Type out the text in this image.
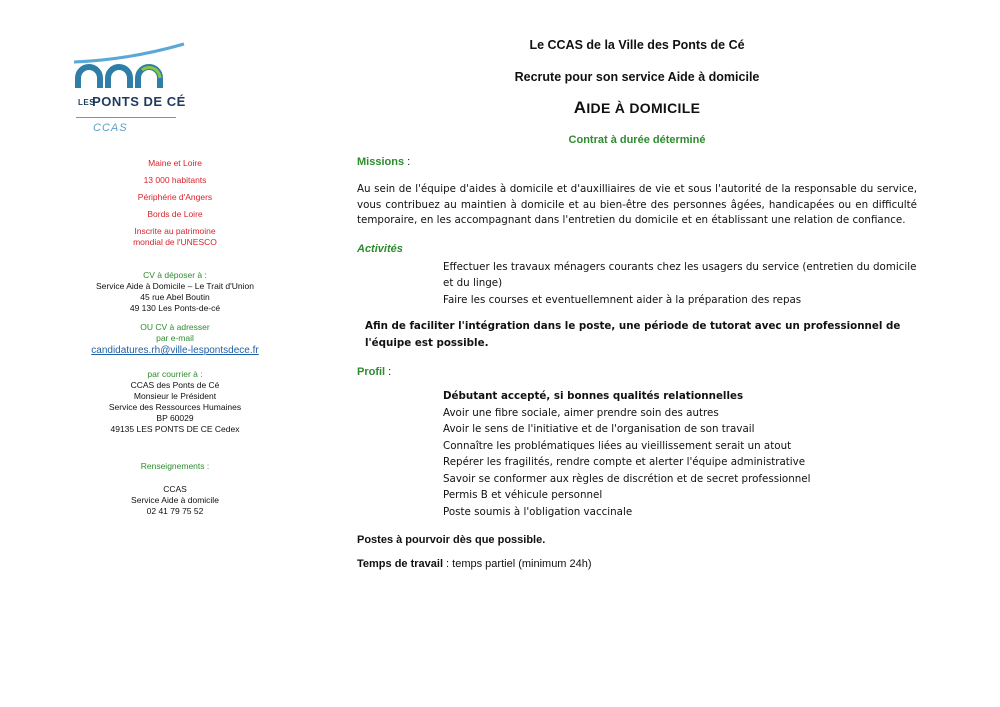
LES PONTS DE CÉ
CCAS
Maine et Loire
13 000 habitants
Périphérie d'Angers
Bords de Loire
Inscrite au patrimoine
mondial de l'UNESCO
CV à déposer à :
Service Aide à Domicile – Le Trait d'Union
45 rue Abel Boutin
49 130 Les Ponts-de-cé
OU CV à adresser
par e-mail
candidatures.rh@ville-lespontsdece.fr
par courrier à :
CCAS des Ponts de Cé
Monsieur le Président
Service des Ressources Humaines
BP 60029
49135 LES PONTS DE CE Cedex
Renseignements :
CCAS
Service Aide à domicile
02 41 79 75 52
Le CCAS de la Ville des Ponts de Cé
Recrute pour son service Aide à domicile
AIDE À DOMICILE
Contrat à durée déterminé
Missions :
Au sein de l'équipe d'aides à domicile et d'auxilliaires de vie et sous l'autorité de la responsable du service, vous contribuez au maintien à domicile et au bien-être des personnes âgées, handicapées ou en difficulté temporaire, en les accompagnant dans l'entretien du domicile et en établissant une relation de confiance.
Activités
Effectuer les travaux ménagers courants chez les usagers du service (entretien du domicile et du linge)
Faire les courses et eventuellemnent aider à la préparation des repas
Afin de faciliter l'intégration dans le poste, une période de tutorat avec un professionnel de l'équipe est possible.
Profil :
Débutant accepté, si bonnes qualités relationnelles
Avoir une fibre sociale, aimer prendre soin des autres
Avoir le sens de l'initiative et de l'organisation de son travail
Connaître les problématiques liées au vieillissement serait un atout
Repérer les fragilités, rendre compte et alerter l'équipe administrative
Savoir se conformer aux règles de discrétion et de secret professionnel
Permis B et véhicule personnel
Poste soumis à l'obligation vaccinale
Postes à pourvoir dès que possible.
Temps de travail : temps partiel (minimum 24h)
